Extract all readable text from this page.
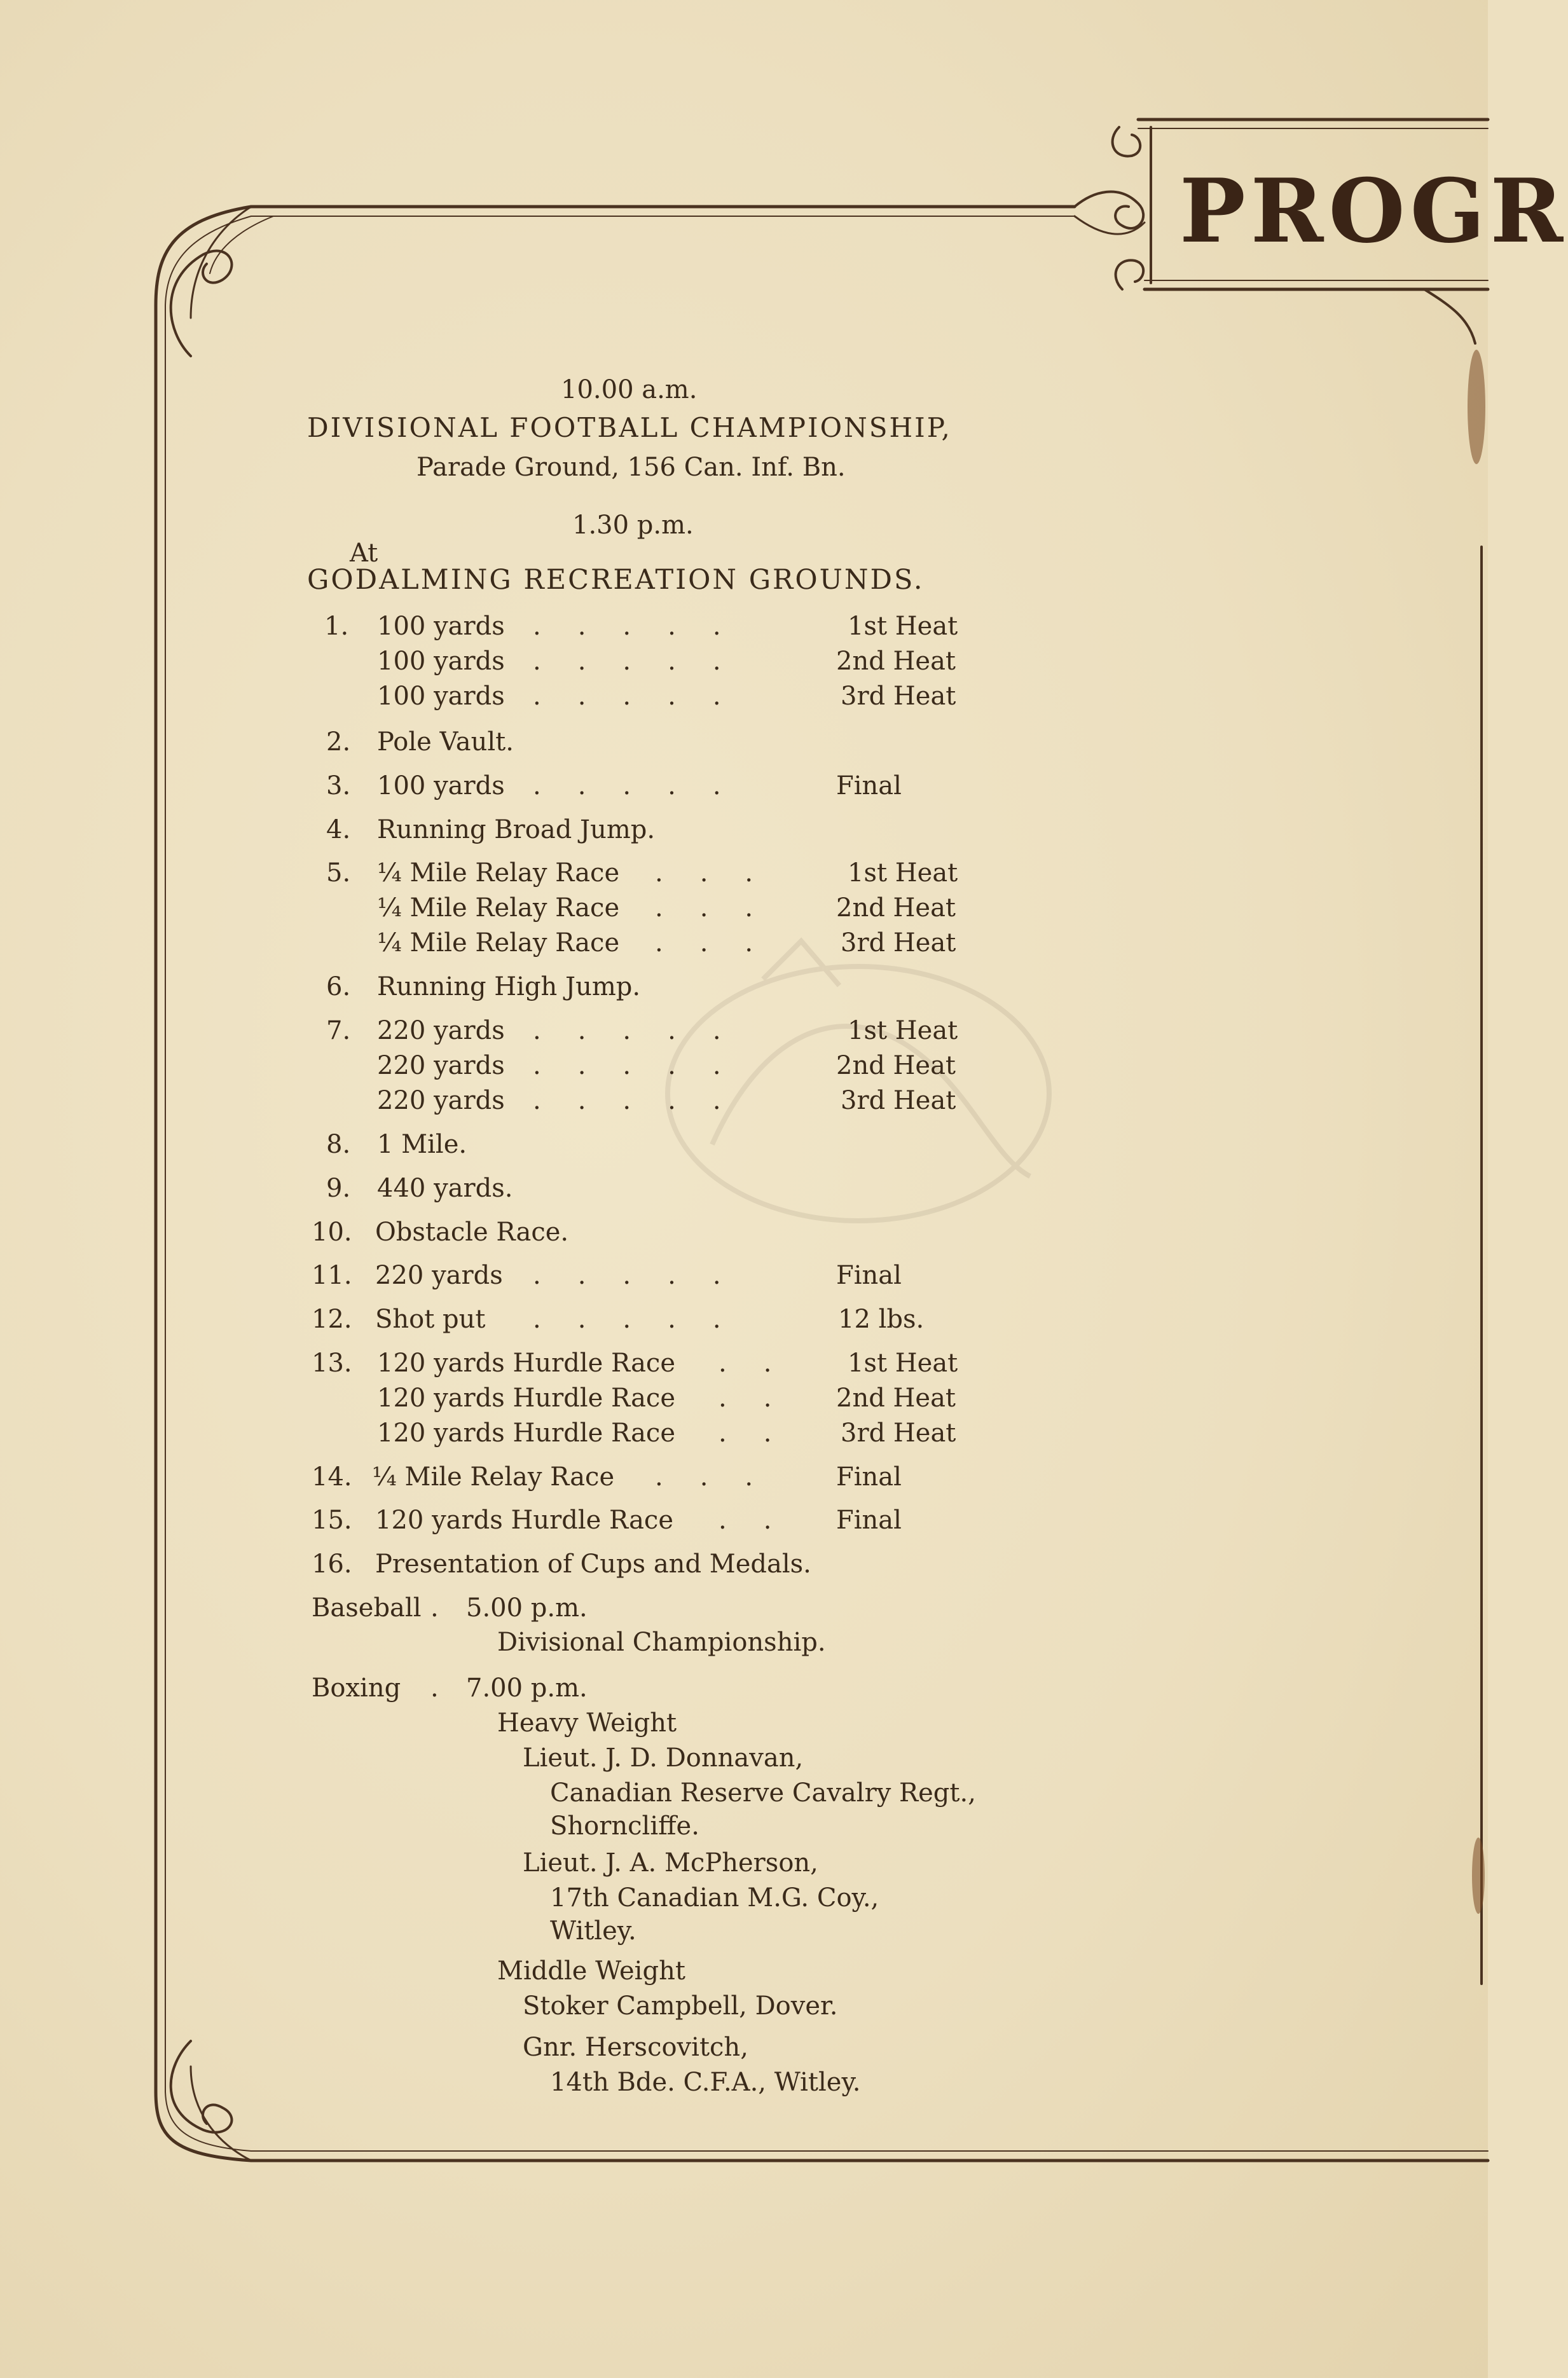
PROGR
10.00 a.m.
DIVISIONAL FOOTBALL CHAMPIONSHIP,
Parade Ground, 156 Can. Inf. Bn.
1.30 p.m.
At
GODALMING RECREATION GROUNDS.
1. 100 yards .....	1st Heat
100 yards .....	2nd Heat
100 yards .....	3rd Heat
2. Pole Vault.
3. 100 yards .....	Final
4. Running Broad Jump.
5. ¼ Mile Relay Race ... 1st Heat
¼ Mile Relay Race ... 2nd Heat
¼ Mile Relay Race ... 3rd Heat
6. Running High Jump.
7. 220 yards .....	1st Heat
220 yards .....	2nd Heat
220 yards .....	3rd Heat
8. 1 Mile.
9. 440 yards.
10. Obstacle Race.
11. 220 yards .....	Final
12. Shot put .....	12 lbs.
13. 120 yards Hurdle Race .. 1st Heat
120 yards Hurdle Race .. 2nd Heat
120 yards Hurdle Race .. 3rd Heat
14. ¼ Mile Relay Race ... Final
15. 120 yards Hurdle Race .. Final
16. Presentation of Cups and Medals.
Baseball . 5.00 p.m.
Divisional Championship.
Boxing . 7.00 p.m.
Heavy Weight
Lieut. J. D. Donnavan,
Canadian Reserve Cavalry Regt.,
Shorncliffe.
Lieut. J. A. McPherson,
17th Canadian M.G. Coy.,
Witley.
Middle Weight
Stoker Campbell, Dover.
Gnr. Herscovitch,
14th Bde. C.F.A., Witley.
